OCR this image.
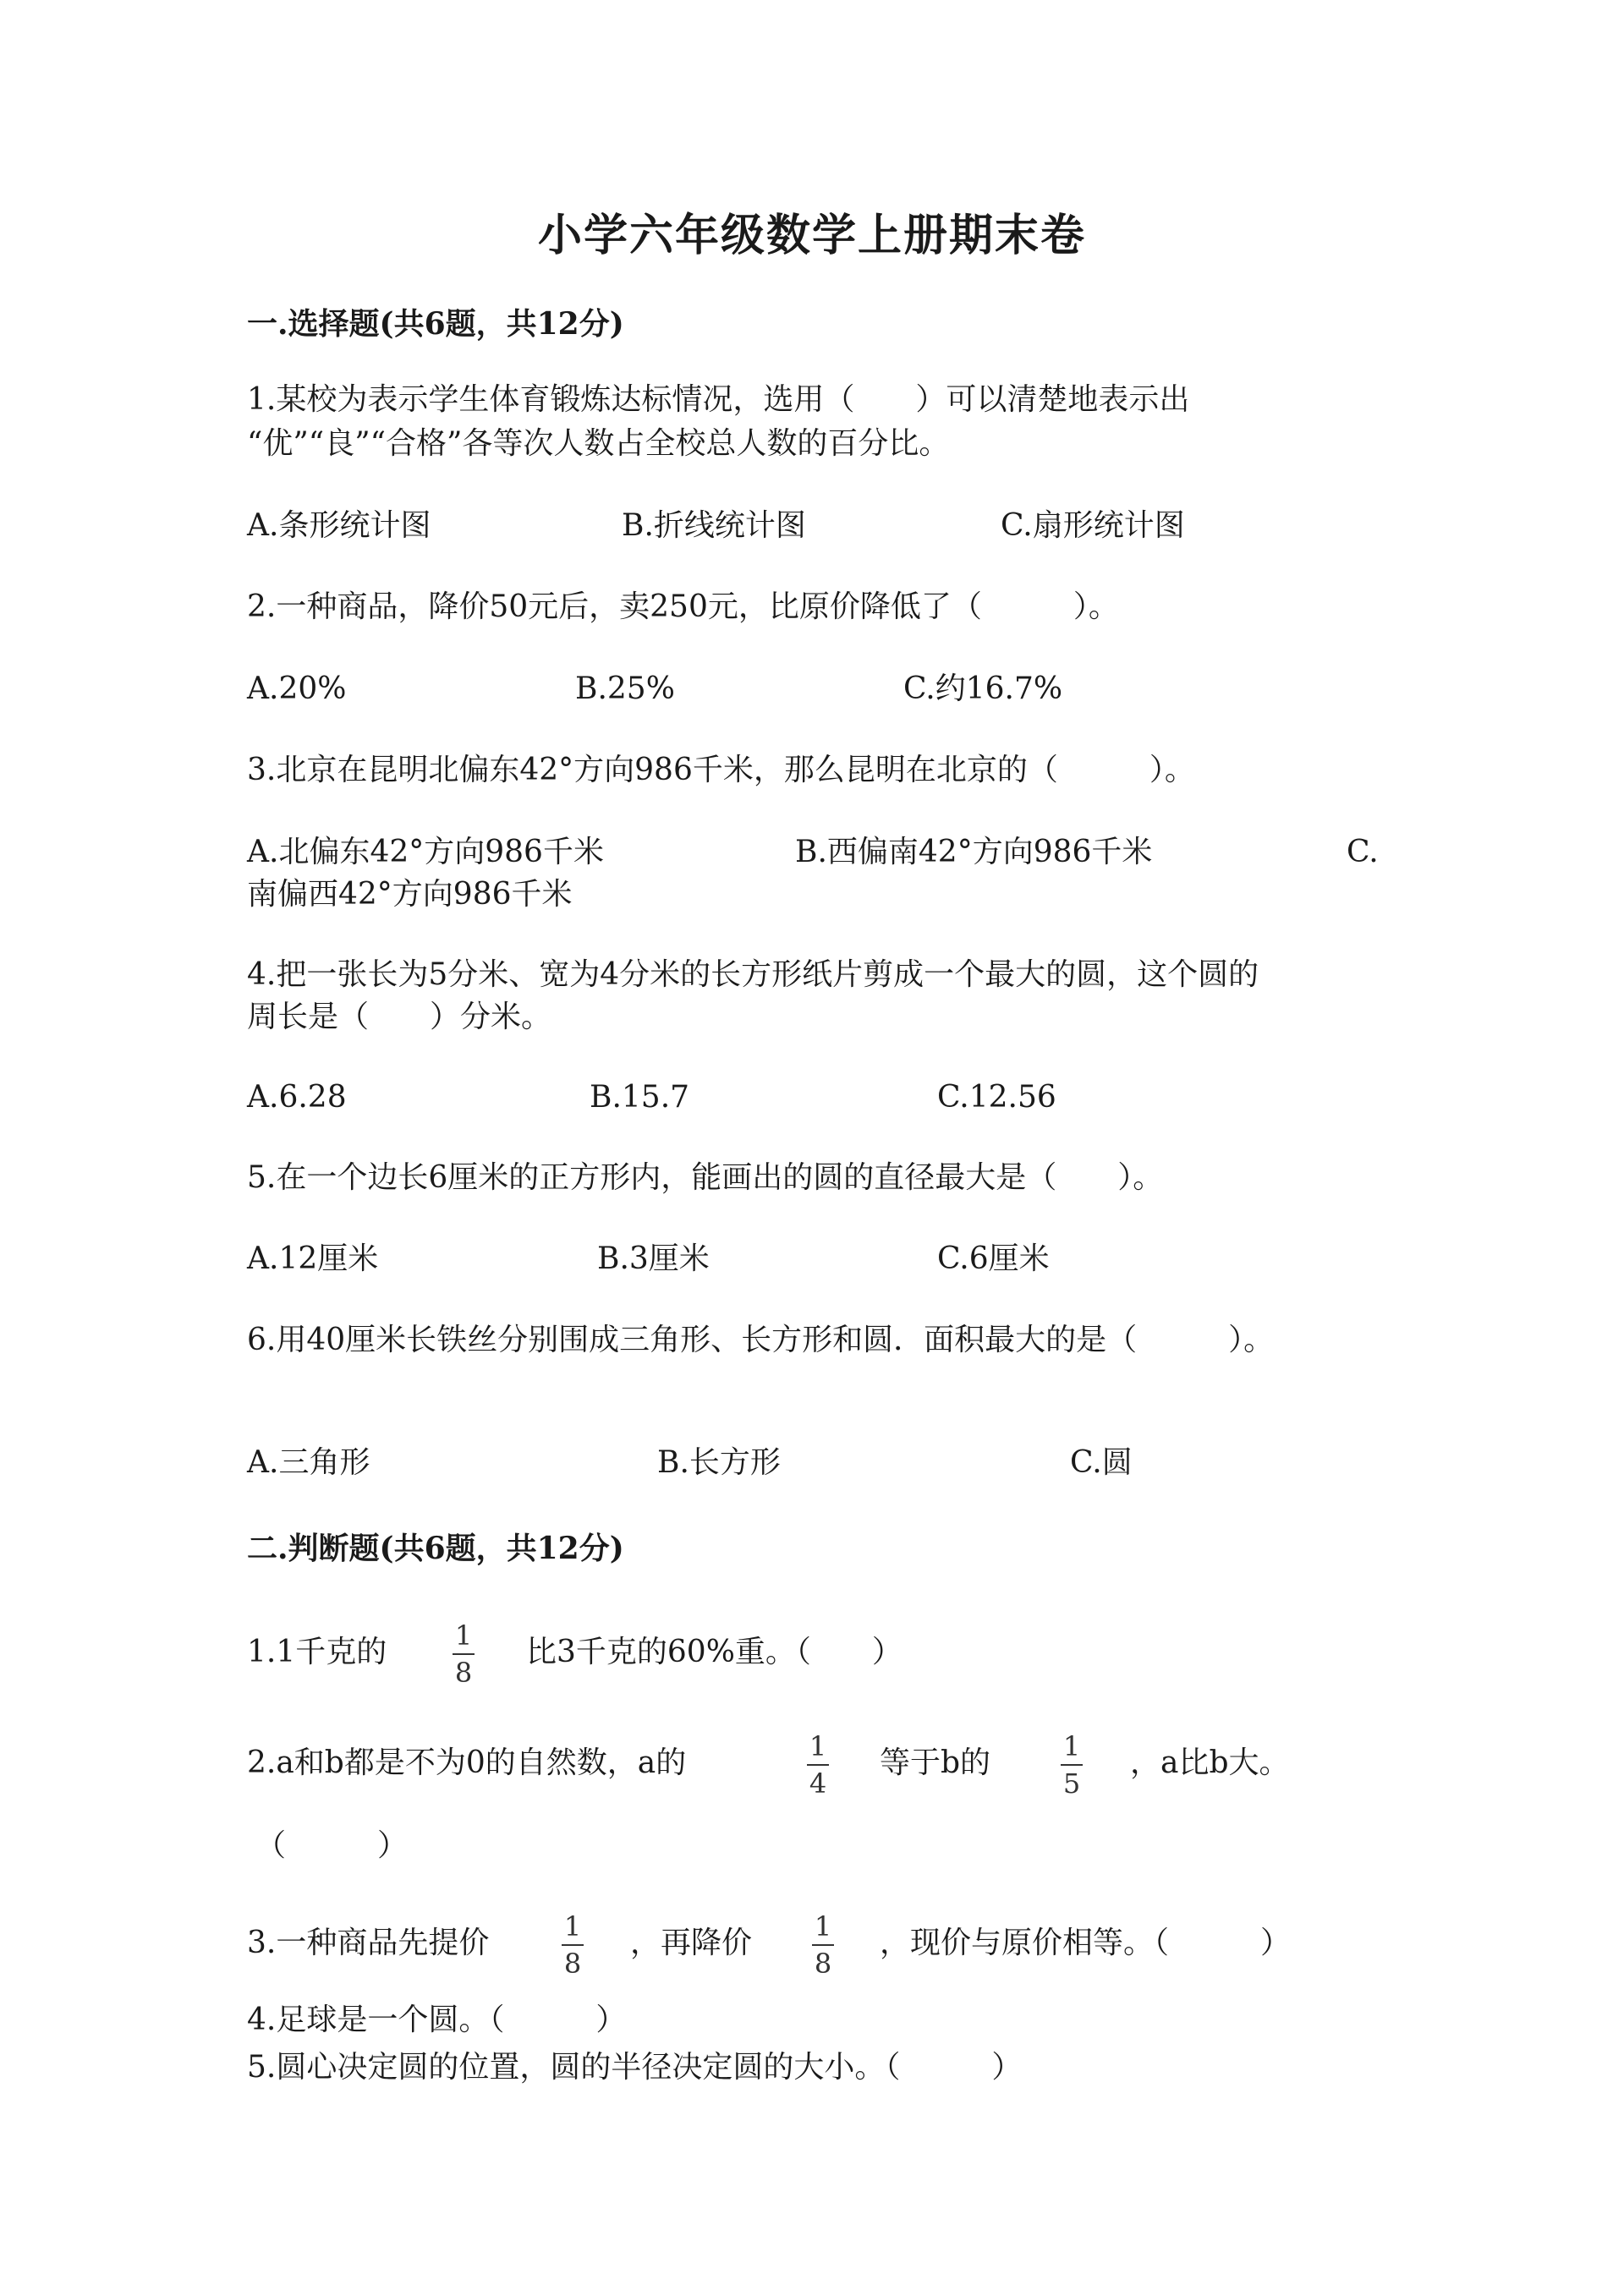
小学六年级数学上册期末卷
一.选择题(共6题，共12分)
1.某校为表示学生体育锻炼达标情况，选用（　　）可以清楚地表示出
“优”“良”“合格”各等次人数占全校总人数的百分比。
A.条形统计图	B.折线统计图	C.扇形统计图
2.一种商品，降价50元后，卖250元，比原价降低了（　　　）。
A.20%	B.25%	C.约16.7%
3.北京在昆明北偏东42°方向986千米，那么昆明在北京的（　　　）。
A.北偏东42°方向986千米	B.西偏南42°方向986千米	C.
南偏西42°方向986千米
4.把一张长为5分米、宽为4分米的长方形纸片剪成一个最大的圆，这个圆的
周长是（　　）分米。
A.6.28	B.15.7	C.12.56
5.在一个边长6厘米的正方形内，能画出的圆的直径最大是（　　）。
A.12厘米	B.3厘米	C.6厘米
6.用40厘米长铁丝分别围成三角形、长方形和圆．面积最大的是（　　　）。
A.三角形	B.长方形	C.圆
二.判断题(共6题，共12分)
1.1千克的	1
8
比3千克的60%重。（　　）
2.a和b都是不为0的自然数，a的	1
4
等于b的	1
5
，a比b大。
（　　　）
3.一种商品先提价	1
8
，再降价 1
8
，现价与原价相等。（　　　）
4.足球是一个圆。（　　　）
5.圆心决定圆的位置，圆的半径决定圆的大小。（　　　）
